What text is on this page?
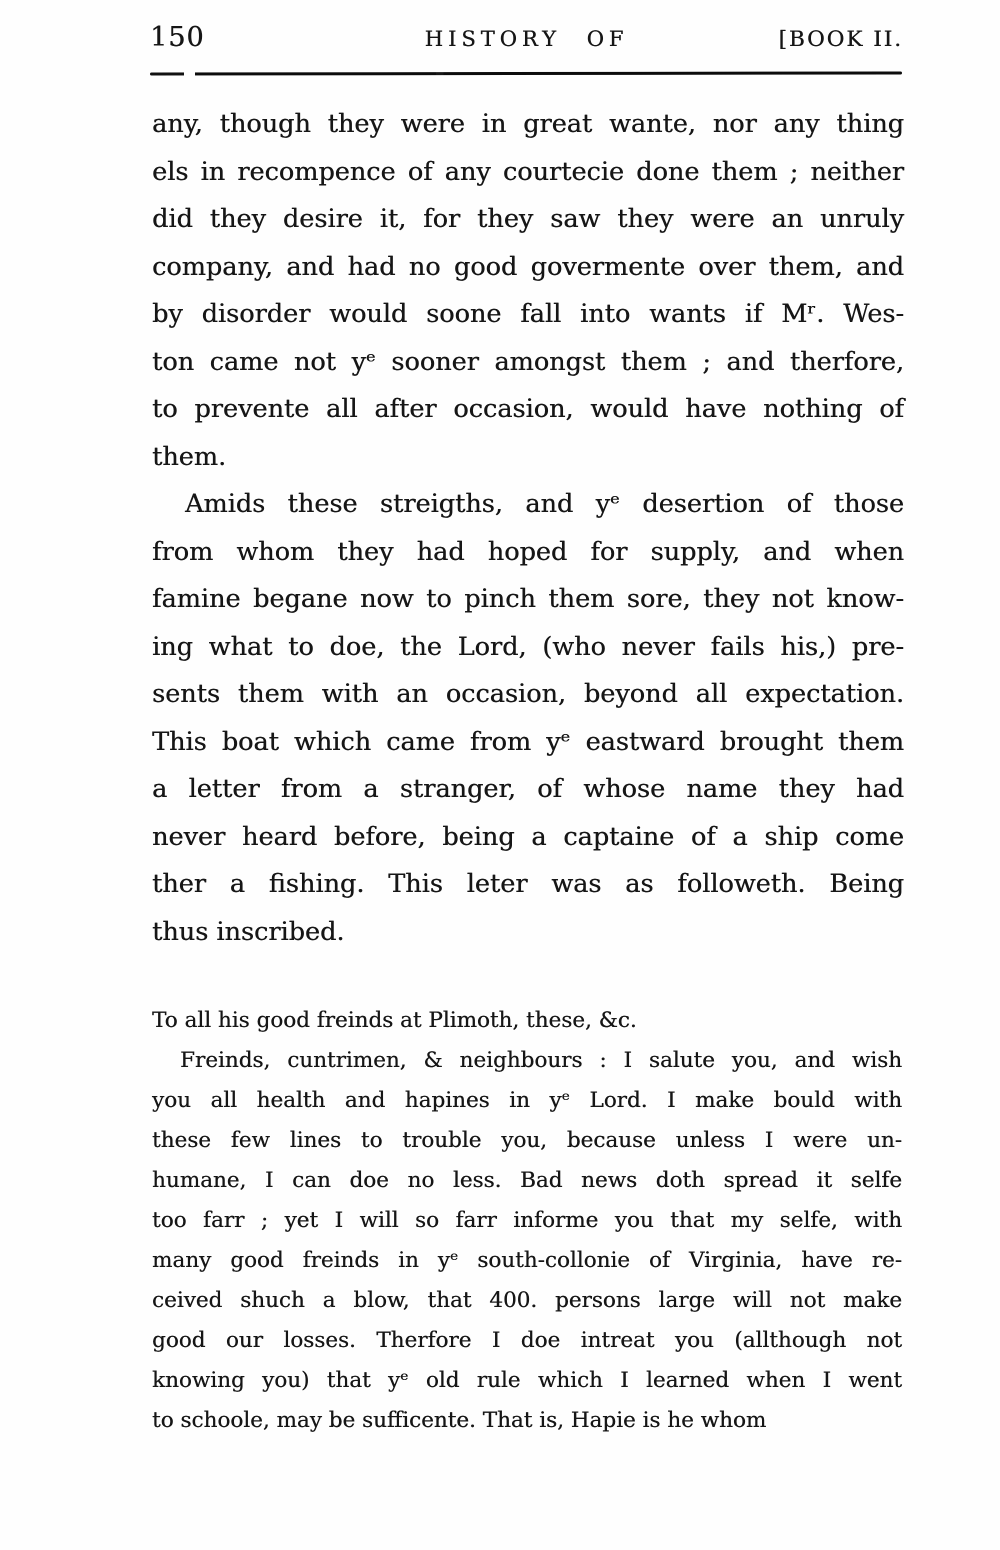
150	HISTORY OF	[BOOK II.
any, though they were in great wante, nor any thing
els in recompence of any courtecie done them ; neither
did they desire it, for they saw they were an unruly
company, and had no good govermente over them, and
by disorder would soone fall into wants if Mʳ. Wes-
ton came not yᵉ sooner amongst them ; and therfore,
to prevente all after occasion, would have nothing of
them.
Amids these streigths, and yᵉ desertion of those
from whom they had hoped for supply, and when
famine begane now to pinch them sore, they not know-
ing what to doe, the Lord, (who never fails his,) pre-
sents them with an occasion, beyond all expectation.
This boat which came from yᵉ eastward brought them
a letter from a stranger, of whose name they had
never heard before, being a captaine of a ship come
ther a fishing. This leter was as followeth. Being
thus inscribed.
To all his good freinds at Plimoth, these, &c.
Freinds, cuntrimen, & neighbours : I salute you, and wish
you all health and hapines in yᵉ Lord. I make bould with
these few lines to trouble you, because unless I were un-
humane, I can doe no less. Bad news doth spread it selfe
too farr ; yet I will so farr informe you that my selfe, with
many good freinds in yᵉ south-collonie of Virginia, have re-
ceived shuch a blow, that 400. persons large will not make
good our losses. Therfore I doe intreat you (allthough not
knowing you) that yᵉ old rule which I learned when I went
to schoole, may be sufficente. That is, Hapie is he whom
